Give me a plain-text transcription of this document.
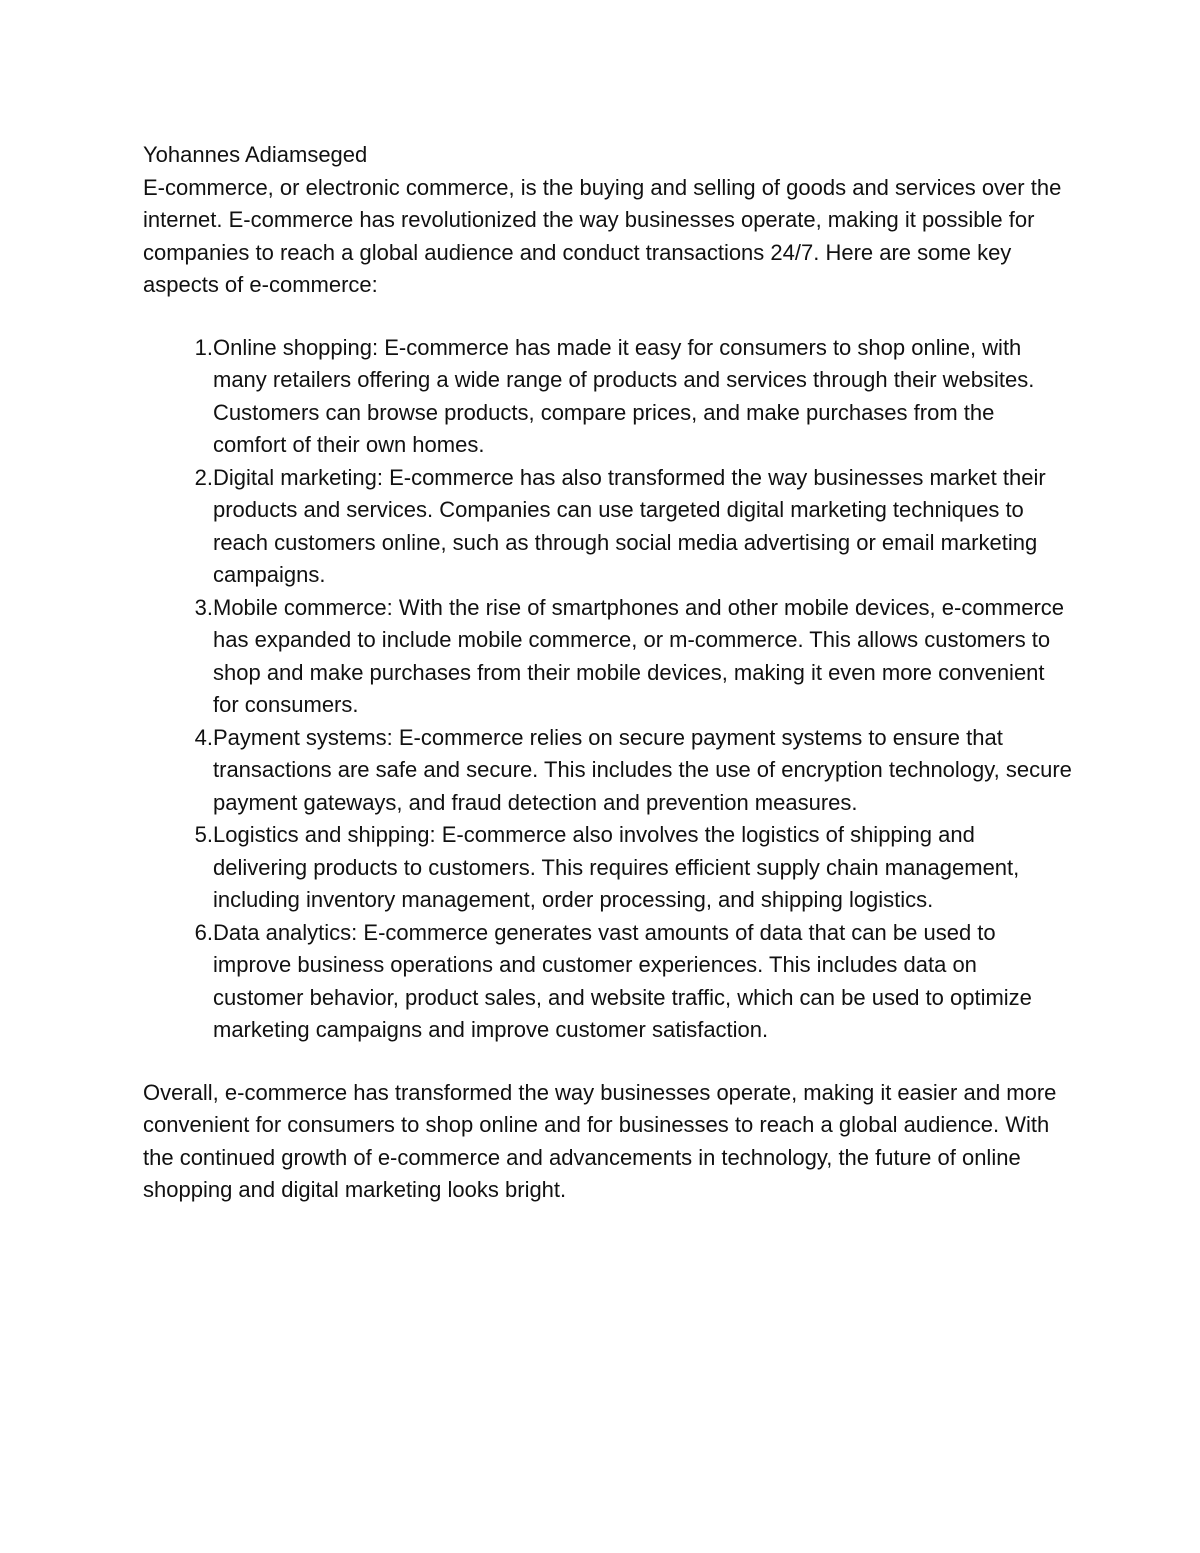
Yohannes Adiamseged

E-commerce, or electronic commerce, is the buying and selling of goods and services over the internet. E-commerce has revolutionized the way businesses operate, making it possible for companies to reach a global audience and conduct transactions 24/7. Here are some key aspects of e-commerce:

1. Online shopping: E-commerce has made it easy for consumers to shop online, with many retailers offering a wide range of products and services through their websites. Customers can browse products, compare prices, and make purchases from the comfort of their own homes.
2. Digital marketing: E-commerce has also transformed the way businesses market their products and services. Companies can use targeted digital marketing techniques to reach customers online, such as through social media advertising or email marketing campaigns.
3. Mobile commerce: With the rise of smartphones and other mobile devices, e-commerce has expanded to include mobile commerce, or m-commerce. This allows customers to shop and make purchases from their mobile devices, making it even more convenient for consumers.
4. Payment systems: E-commerce relies on secure payment systems to ensure that transactions are safe and secure. This includes the use of encryption technology, secure payment gateways, and fraud detection and prevention measures.
5. Logistics and shipping: E-commerce also involves the logistics of shipping and delivering products to customers. This requires efficient supply chain management, including inventory management, order processing, and shipping logistics.
6. Data analytics: E-commerce generates vast amounts of data that can be used to improve business operations and customer experiences. This includes data on customer behavior, product sales, and website traffic, which can be used to optimize marketing campaigns and improve customer satisfaction.

Overall, e-commerce has transformed the way businesses operate, making it easier and more convenient for consumers to shop online and for businesses to reach a global audience. With the continued growth of e-commerce and advancements in technology, the future of online shopping and digital marketing looks bright.
